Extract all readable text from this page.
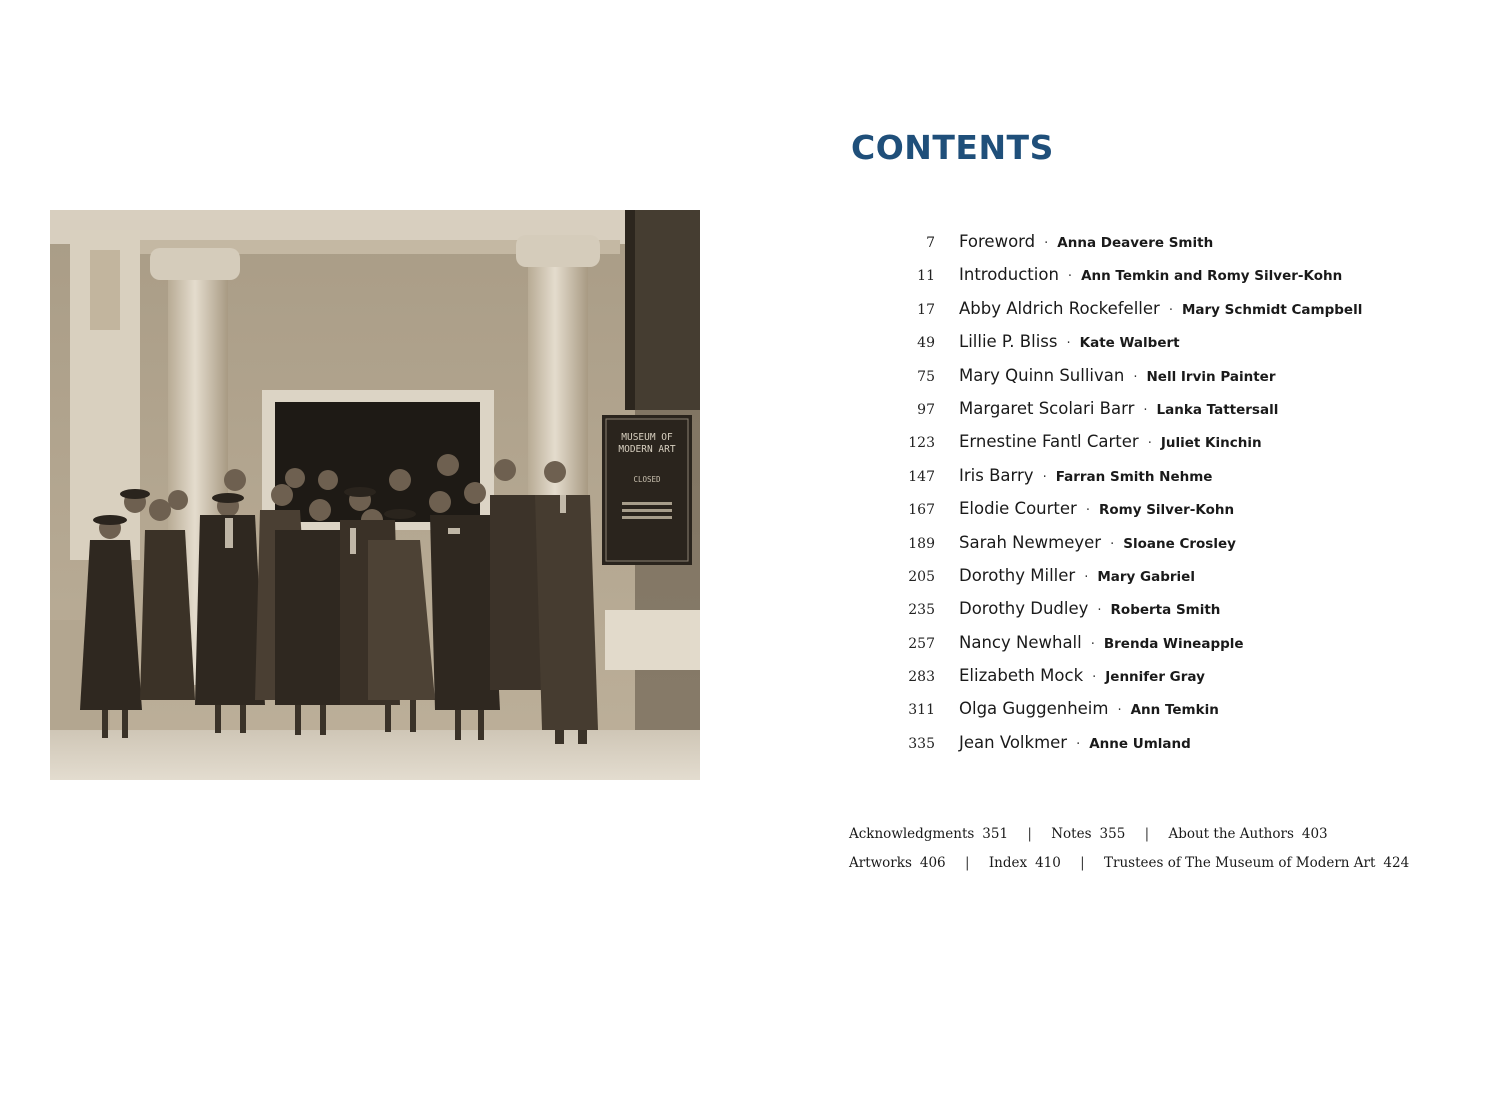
MUSEUM OF
MODERN ART
CLOSED
CONTENTS
7	Foreword · Anna Deavere Smith
11	Introduction · Ann Temkin and Romy Silver-Kohn
17	Abby Aldrich Rockefeller · Mary Schmidt Campbell
49	Lillie P. Bliss · Kate Walbert
75	Mary Quinn Sullivan · Nell Irvin Painter
97	Margaret Scolari Barr · Lanka Tattersall
123	Ernestine Fantl Carter · Juliet Kinchin
147	Iris Barry · Farran Smith Nehme
167	Elodie Courter · Romy Silver-Kohn
189	Sarah Newmeyer · Sloane Crosley
205	Dorothy Miller · Mary Gabriel
235	Dorothy Dudley · Roberta Smith
257	Nancy Newhall · Brenda Wineapple
283	Elizabeth Mock · Jennifer Gray
311	Olga Guggenheim · Ann Temkin
335	Jean Volkmer · Anne Umland
Acknowledgments 351 | Notes 355 | About the Authors 403
Artworks 406 | Index 410 | Trustees of The Museum of Modern Art 424
